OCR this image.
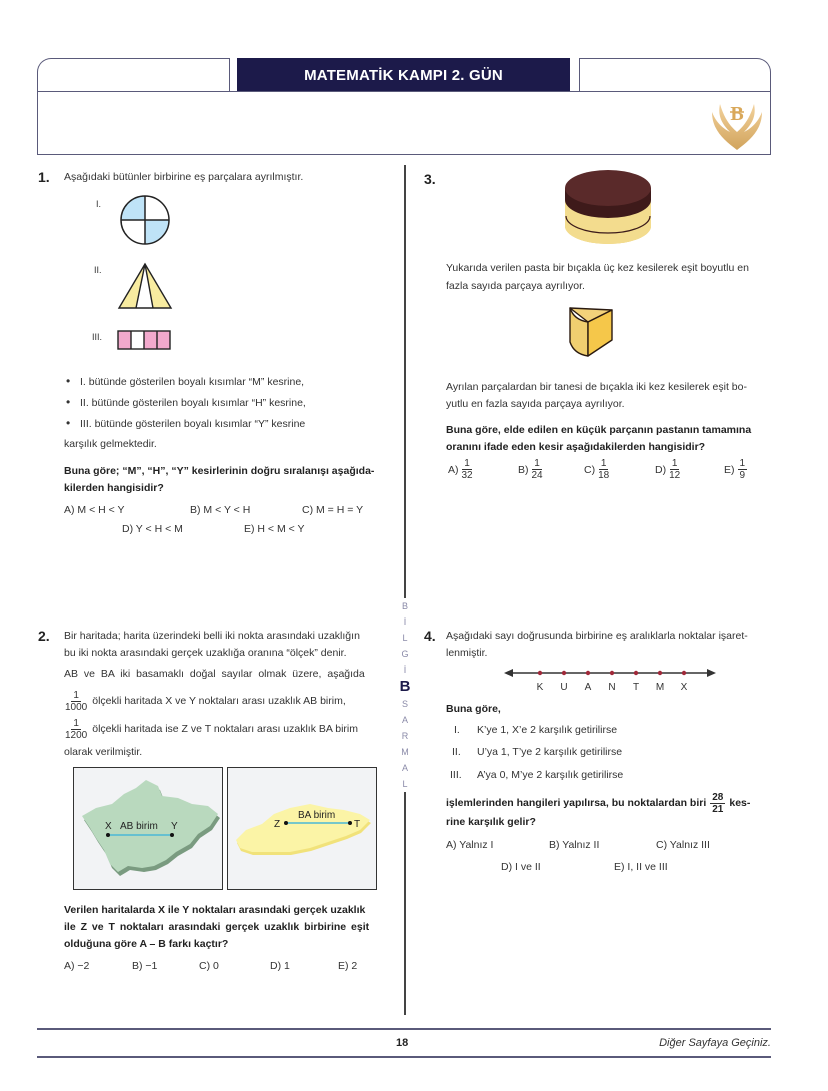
MATEMATİK KAMPI 2. GÜN
B
B
İ
L
G
İ
B
S
A
R
M
A
L
1. Aşağıdaki bütünler birbirine eş parçalara ayrılmıştır.
I.
II.
III.
• I. bütünde gösterilen boyalı kısımlar “M” kesrine,
• II. bütünde gösterilen boyalı kısımlar “H” kesrine,
• III. bütünde gösterilen boyalı kısımlar “Y” kesrine
karşılık gelmektedir.
Buna göre; “M”, “H”, “Y” kesirlerinin doğru sıralanışı aşağıda-
kilerden hangisidir?
A) M < H < Y	B) M < Y < H	C) M = H = Y
D) Y < H < M	E) H < M < Y
2. Bir haritada; harita üzerindeki belli iki nokta arasındaki uzaklığın
bu iki nokta arasındaki gerçek uzaklığa oranına “ölçek” denir.
AB ve BA iki basamaklı doğal sayılar olmak üzere, aşağıda
$\frac{1}{1000}$ ölçekli haritada X ve Y noktaları arası uzaklık AB birim,
$\frac{1}{1200}$ ölçekli haritada ise Z ve T noktaları arası uzaklık BA birim
olarak verilmiştir.
X AB birim Y	Z
BA birim
T
Verilen haritalarda X ile Y noktaları arasındaki gerçek uzaklık
ile Z ve T noktaları arasındaki gerçek uzaklık birbirine eşit
olduğuna göre A – B farkı kaçtır?
A) −2	B) −1	C) 0	D) 1	E) 2
3.
Yukarıda verilen pasta bir bıçakla üç kez kesilerek eşit boyutlu en
fazla sayıda parçaya ayrılıyor.
Ayrılan parçalardan bir tanesi de bıçakla iki kez kesilerek eşit bo-
yutlu en fazla sayıda parçaya ayrılıyor.
Buna göre, elde edilen en küçük parçanın pastanın tamamına
oranını ifade eden kesir aşağıdakilerden hangisidir?
$A) \frac{1}{32}$	$B) \frac{1}{24}$	$C) \frac{1}{18}$	$D) \frac{1}{12}$	$E) \frac{1}{9}$
4. Aşağıdaki sayı doğrusunda birbirine eş aralıklarla noktalar işaret-
lenmiştir.
K U A N T M X
Buna göre,
I. K’ye 1, X’e 2 karşılık getirilirse
II. U’ya 1, T’ye 2 karşılık getirilirse
III. A’ya 0, M’ye 2 karşılık getirilirse
işlemlerinden hangileri yapılırsa, bu noktalardan biri $\frac{28}{21} kes-$
rine karşılık gelir?
A) Yalnız I	B) Yalnız II	C) Yalnız III
D) I ve II	E) I, II ve III
18	Diğer Sayfaya Geçiniz.
